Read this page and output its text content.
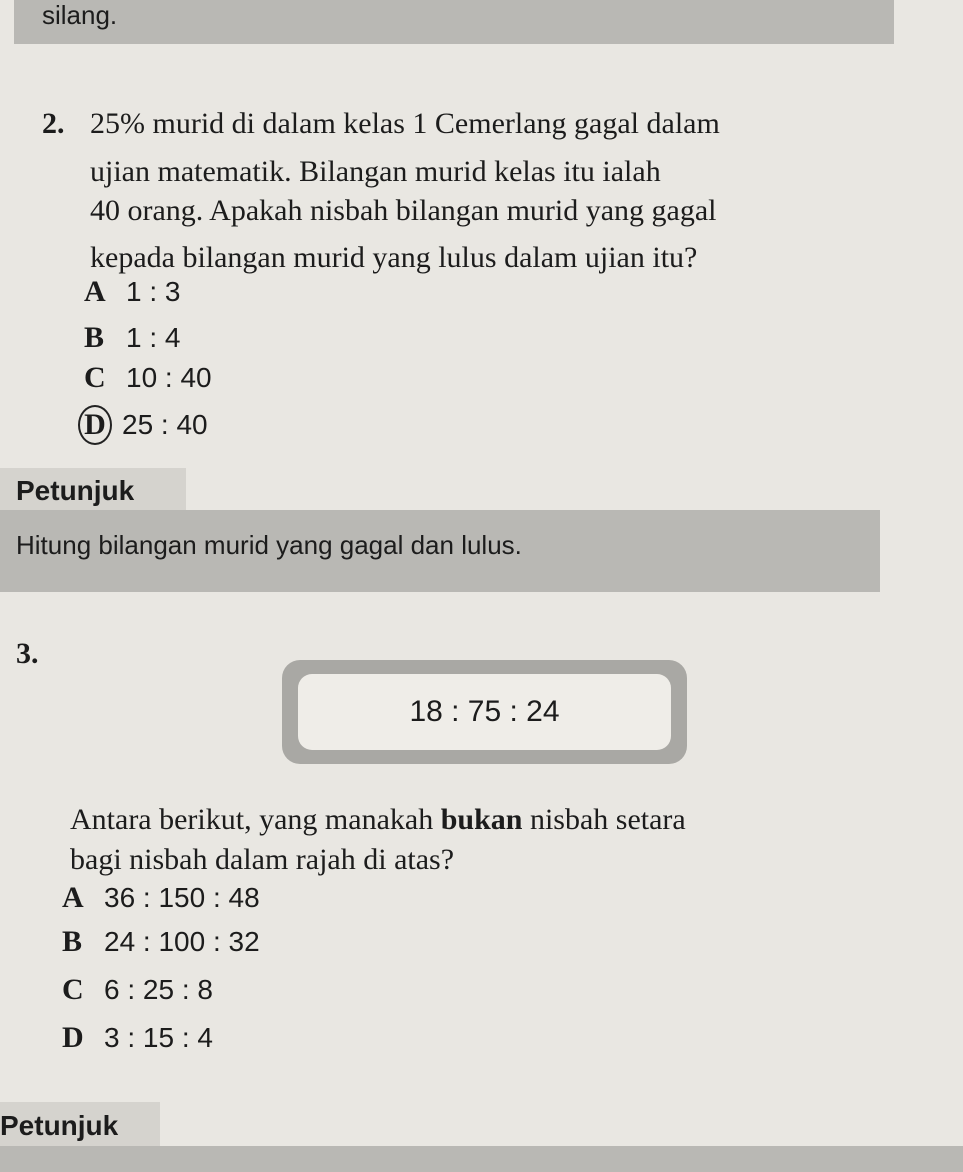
silang.
2. 25% murid di dalam kelas 1 Cemerlang gagal dalam
ujian matematik. Bilangan murid kelas itu ialah
40 orang. Apakah nisbah bilangan murid yang gagal
kepada bilangan murid yang lulus dalam ujian itu?
A 1 : 3
B 1 : 4
C 10 : 40
D 25 : 40
Petunjuk
Hitung bilangan murid yang gagal dan lulus.
3.
18 : 75 : 24
Antara berikut, yang manakah bukan nisbah setara
bagi nisbah dalam rajah di atas?
A 36 : 150 : 48
B 24 : 100 : 32
C 6 : 25 : 8
D 3 : 15 : 4
Petunjuk
